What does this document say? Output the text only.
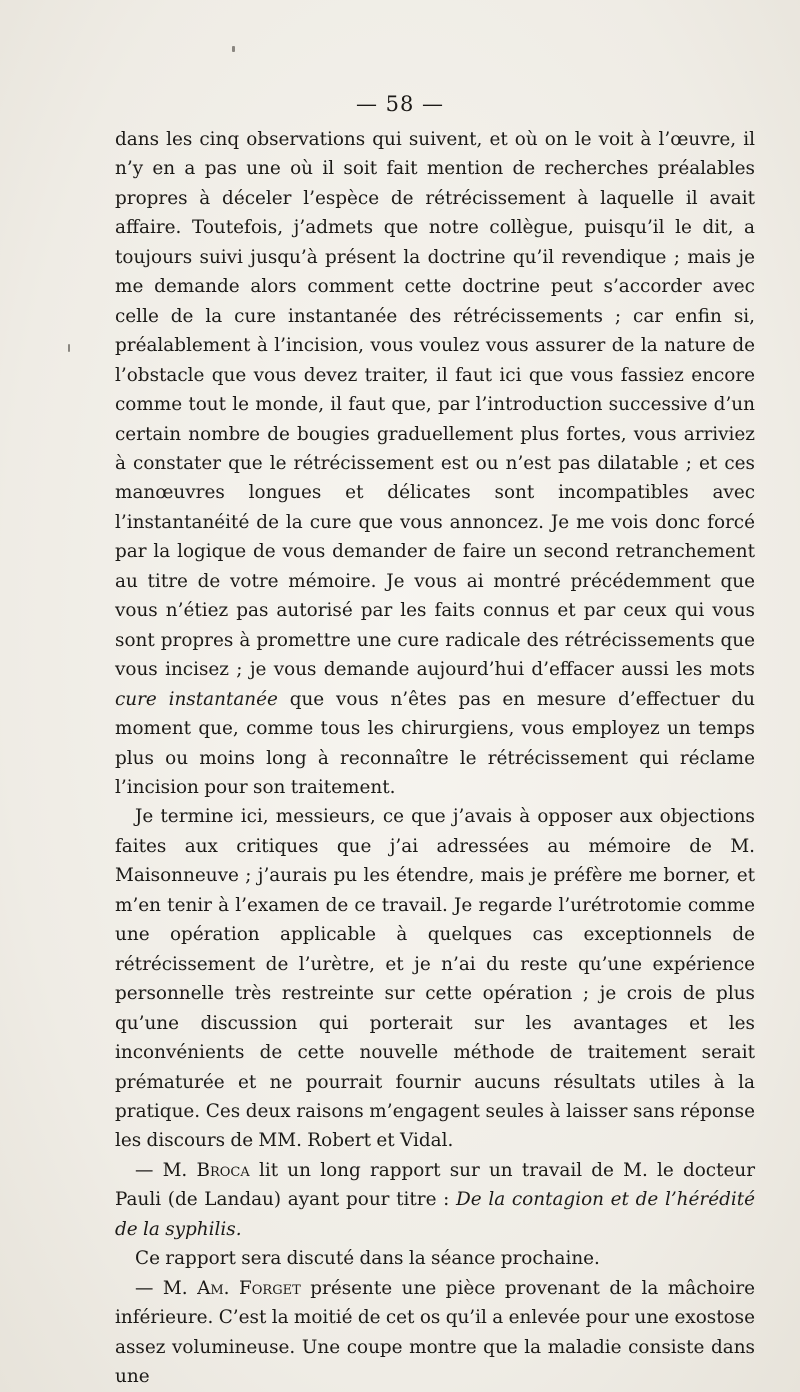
— 58 —

dans les cinq observations qui suivent, et où on le voit à l’œuvre, il n’y en a pas une où il soit fait mention de recherches préalables propres à déceler l’espèce de rétrécissement à laquelle il avait affaire. Toutefois, j’admets que notre collègue, puisqu’il le dit, a toujours suivi jusqu’à présent la doctrine qu’il revendique ; mais je me demande alors comment cette doctrine peut s’accorder avec celle de la cure instantanée des rétrécissements ; car enfin si, préalablement à l’incision, vous voulez vous assurer de la nature de l’obstacle que vous devez traiter, il faut ici que vous fassiez encore comme tout le monde, il faut que, par l’introduction successive d’un certain nombre de bougies graduellement plus fortes, vous arriviez à constater que le rétrécissement est ou n’est pas dilatable ; et ces manœuvres longues et délicates sont incompatibles avec l’instantanéité de la cure que vous annoncez. Je me vois donc forcé par la logique de vous demander de faire un second retranchement au titre de votre mémoire. Je vous ai montré précédemment que vous n’étiez pas autorisé par les faits connus et par ceux qui vous sont propres à promettre une cure radicale des rétrécissements que vous incisez ; je vous demande aujourd’hui d’effacer aussi les mots cure instantanée que vous n’êtes pas en mesure d’effectuer du moment que, comme tous les chirurgiens, vous employez un temps plus ou moins long à reconnaître le rétrécissement qui réclame l’incision pour son traitement.

Je termine ici, messieurs, ce que j’avais à opposer aux objections faites aux critiques que j’ai adressées au mémoire de M. Maisonneuve ; j’aurais pu les étendre, mais je préfère me borner, et m’en tenir à l’examen de ce travail. Je regarde l’urétrotomie comme une opération applicable à quelques cas exceptionnels de rétrécissement de l’urètre, et je n’ai du reste qu’une expérience personnelle très restreinte sur cette opération ; je crois de plus qu’une discussion qui porterait sur les avantages et les inconvénients de cette nouvelle méthode de traitement serait prématurée et ne pourrait fournir aucuns résultats utiles à la pratique. Ces deux raisons m’engagent seules à laisser sans réponse les discours de MM. Robert et Vidal.

— M. Broca lit un long rapport sur un travail de M. le docteur Pauli (de Landau) ayant pour titre : De la contagion et de l’hérédité de la syphilis.

Ce rapport sera discuté dans la séance prochaine.

— M. Am. Forget présente une pièce provenant de la mâchoire inférieure. C’est la moitié de cet os qu’il a enlevée pour une exostose assez volumineuse. Une coupe montre que la maladie consiste dans une
